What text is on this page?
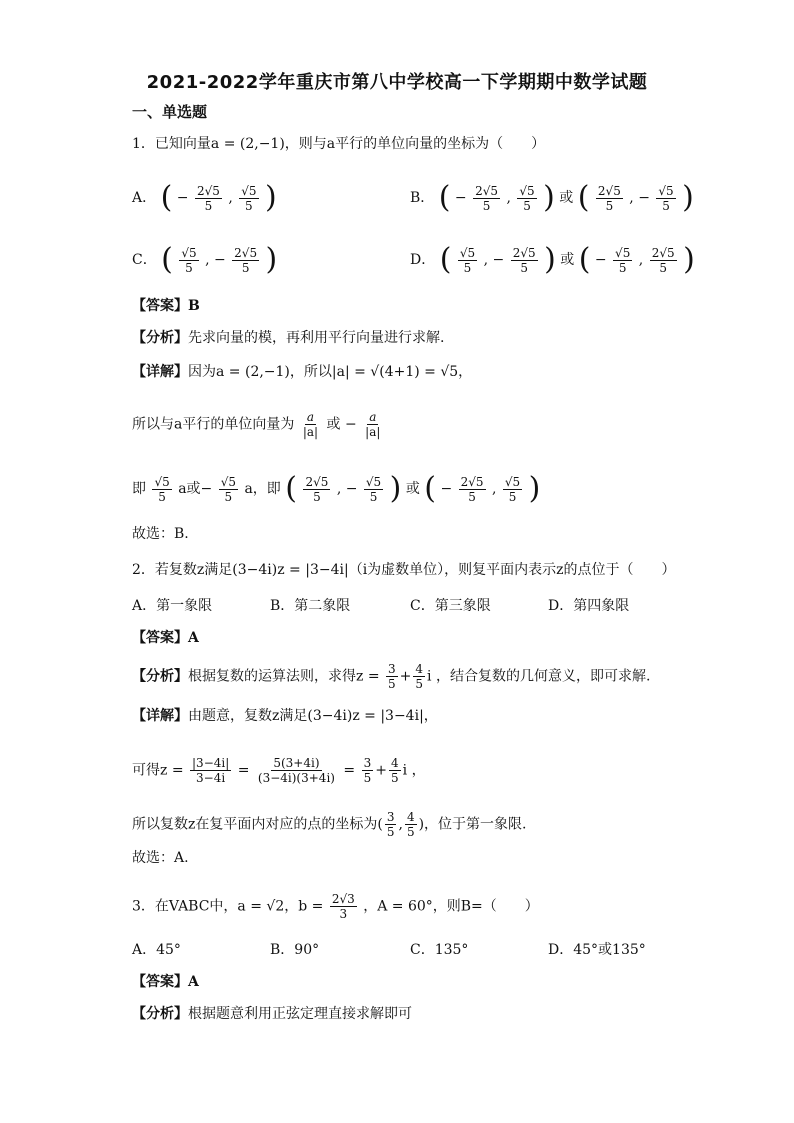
2021-2022学年重庆市第八中学校高一下学期期中数学试题
一、单选题
1．已知向量a = (2,−1)，则与a平行的单位向量的坐标为（　　）
A． ( − $\frac{2√5}{5}$ , $\frac{√5}{5}$ )	B． ( − $\frac{2√5}{5}$ , $\frac{√5}{5}$ ) 或 ( $\frac{2√5}{5}$ , − $\frac{√5}{5}$ )
C． ( $\frac{√5}{5}$ , − $\frac{2√5}{5}$ )	D． ( $\frac{√5}{5}$ , − $\frac{2√5}{5}$ ) 或 ( − $\frac{√5}{5}$ , $\frac{2√5}{5}$ )
【答案】B
【分析】先求向量的模，再利用平行向量进行求解.
【详解】因为a = (2,−1)，所以|a| = √(4+1) = √5，
所以与a平行的单位向量为 $\frac{a}{|a|}$ 或 − $\frac{a}{|a|}$
即 $\frac{√5}{5}$ a或− $\frac{√5}{5}$ a，即 ( $\frac{2√5}{5}$ , − $\frac{√5}{5}$ ) 或 ( − $\frac{2√5}{5}$ , $\frac{√5}{5}$ )
故选：B.
2．若复数z满足(3−4i)z = |3−4i|（i为虚数单位），则复平面内表示z的点位于（　　）
A．第一象限	B．第二象限	C．第三象限	D．第四象限
【答案】A
【分析】根据复数的运算法则，求得$z = \frac{3}{5} + \frac{4}{5}$ i ，结合复数的几何意义，即可求解.
【详解】由题意，复数z满足(3−4i)z = |3−4i|，
可得$z = \frac{|3-4i|}{3-4i} = \frac{5(3+4i)}{(3-4i)(3+4i)} = \frac{3}{5} + \frac{4}{5}$ i ，
所以复数z在复平面内对应的点的坐标为( $\frac{3}{5}$ , $\frac{4}{5}$ )，位于第一象限.
故选：A.
3．在VABC中，a = √2，$b = \frac{2√3}{3}$ ，A = 60°，则B=（　　）
A．45°	B．90°	C．135°	D．45°或135°
【答案】A
【分析】根据题意利用正弦定理直接求解即可
